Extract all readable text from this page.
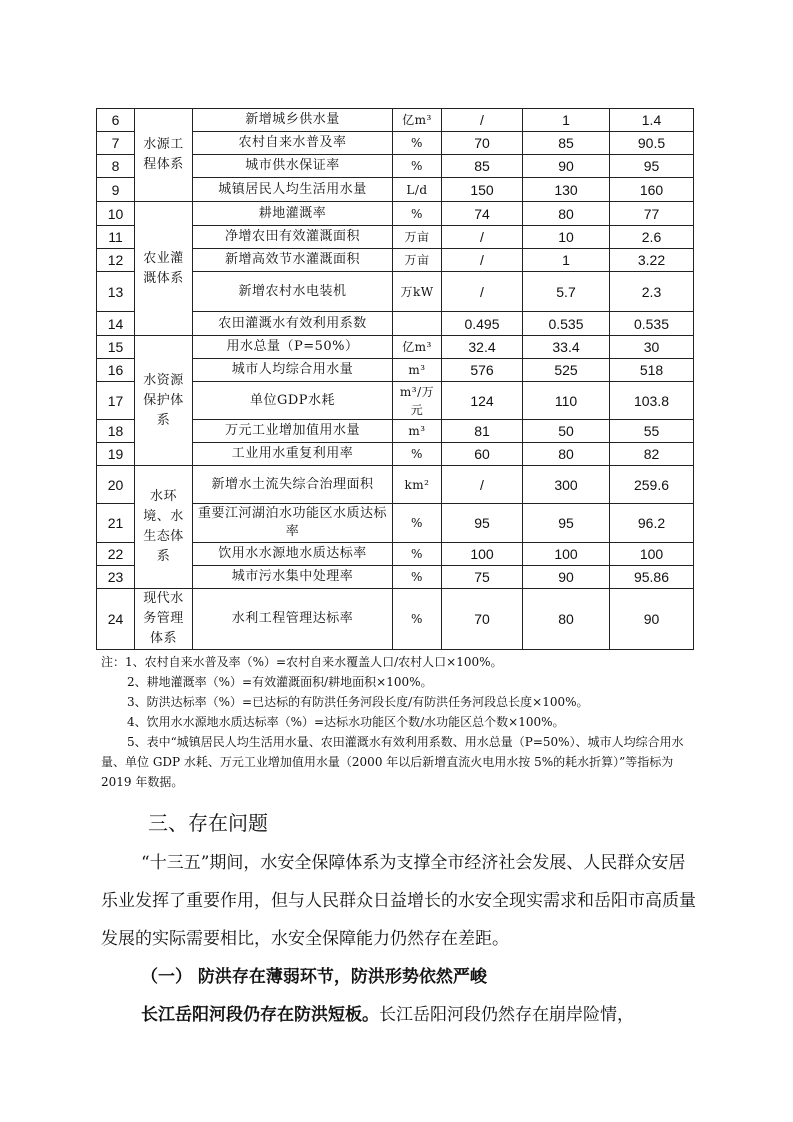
6	水源工程体系	新增城乡供水量	亿m³	/	1	1.4
7		农村自来水普及率	%	70	85	90.5
8		城市供水保证率	%	85	90	95
9		城镇居民人均生活用水量	L/d	150	130	160
10	农业灌溉体系	耕地灌溉率	%	74	80	77
11		净增农田有效灌溉面积	万亩	/	10	2.6
12		新增高效节水灌溉面积	万亩	/	1	3.22
13		新增农村水电装机	万kW	/	5.7	2.3
14		农田灌溉水有效利用系数		0.495	0.535	0.535
15	水资源保护体系	用水总量（P=50%）	亿m³	32.4	33.4	30
16		城市人均综合用水量	m³	576	525	518
17		单位GDP水耗	m³/万元	124	110	103.8
18		万元工业增加值用水量	m³	81	50	55
19		工业用水重复利用率	%	60	80	82
20	水环境、水生态体系	新增水土流失综合治理面积	km²	/	300	259.6
21		重要江河湖泊水功能区水质达标率	%	95	95	96.2
22		饮用水水源地水质达标率	%	100	100	100
23		城市污水集中处理率	%	75	90	95.86
24	现代水务管理体系	水利工程管理达标率	%	70	80	90
注：1、农村自来水普及率（%）=农村自来水覆盖人口/农村人口×100%。
2、耕地灌溉率（%）=有效灌溉面积/耕地面积×100%。
3、防洪达标率（%）=已达标的有防洪任务河段长度/有防洪任务河段总长度×100%。
4、饮用水水源地水质达标率（%）=达标水功能区个数/水功能区总个数×100%。
5、表中“城镇居民人均生活用水量、农田灌溉水有效利用系数、用水总量（P=50%）、城市人均综合用水量、单位 GDP 水耗、万元工业增加值用水量（2000 年以后新增直流火电用水按 5%的耗水折算）”等指标为 2019 年数据。
三、存在问题
“十三五”期间，水安全保障体系为支撑全市经济社会发展、人民群众安居乐业发挥了重要作用，但与人民群众日益增长的水安全现实需求和岳阳市高质量发展的实际需要相比，水安全保障能力仍然存在差距。
（一） 防洪存在薄弱环节，防洪形势依然严峻
长江岳阳河段仍存在防洪短板。长江岳阳河段仍然存在崩岸险情，
